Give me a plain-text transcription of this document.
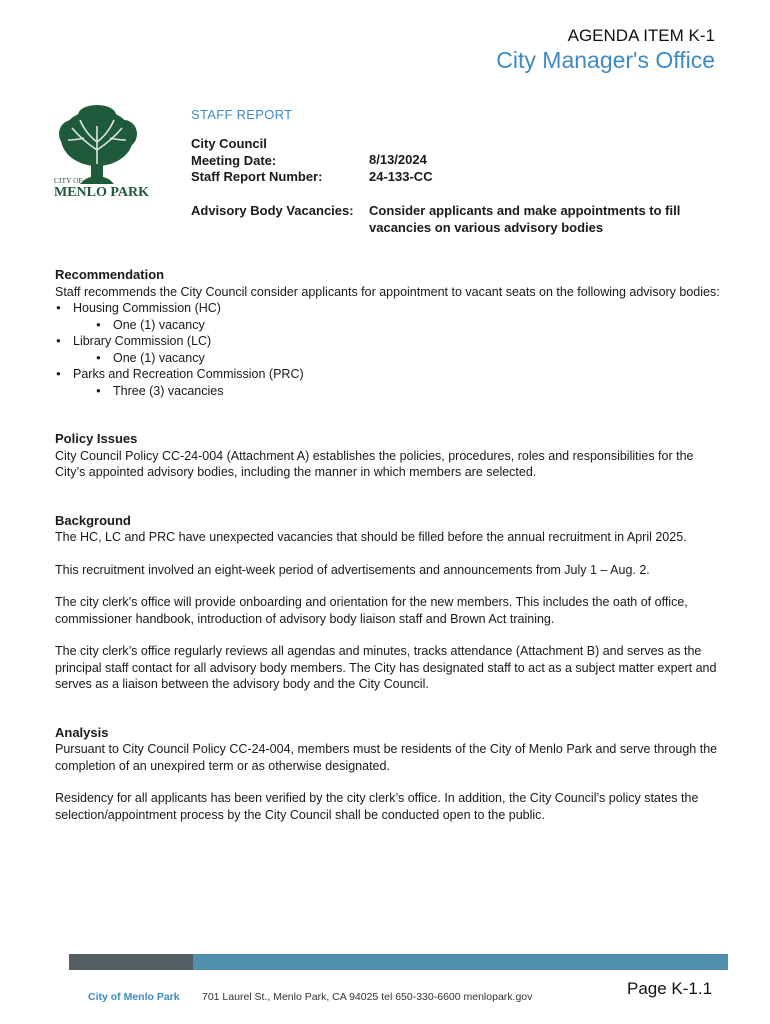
AGENDA ITEM K-1
City Manager's Office
CITY OF
MENLO PARK
STAFF REPORT
City Council
Meeting Date:
Staff Report Number:
8/13/2024
24-133-CC
Advisory Body Vacancies: Consider applicants and make appointments to fill vacancies on various advisory bodies
Recommendation

Staff recommends the City Council consider applicants for appointment to vacant seats on the following advisory bodies:

● Housing Commission (HC)
● One (1) vacancy
● Library Commission (LC)
● One (1) vacancy
● Parks and Recreation Commission (PRC)
● Three (3) vacancies
Policy Issues

City Council Policy CC-24-004 (Attachment A) establishes the policies, procedures, roles and responsibilities for the City’s appointed advisory bodies, including the manner in which members are selected.

Background

The HC, LC and PRC have unexpected vacancies that should be filled before the annual recruitment in April 2025.

This recruitment involved an eight-week period of advertisements and announcements from July 1 – Aug. 2.

The city clerk’s office will provide onboarding and orientation for the new members. This includes the oath of office, commissioner handbook, introduction of advisory body liaison staff and Brown Act training.

The city clerk’s office regularly reviews all agendas and minutes, tracks attendance (Attachment B) and serves as the principal staff contact for all advisory body members. The City has designated staff to act as a subject matter expert and serves as a liaison between the advisory body and the City Council.

Analysis

Pursuant to City Council Policy CC-24-004, members must be residents of the City of Menlo Park and serve through the completion of an unexpired term or as otherwise designated.

Residency for all applicants has been verified by the city clerk’s office. In addition, the City Council’s policy states the selection/appointment process by the City Council shall be conducted open to the public.

City of Menlo Park 701 Laurel St., Menlo Park, CA 94025 tel 650-330-6600 menlopark.gov	Page K-1.1
